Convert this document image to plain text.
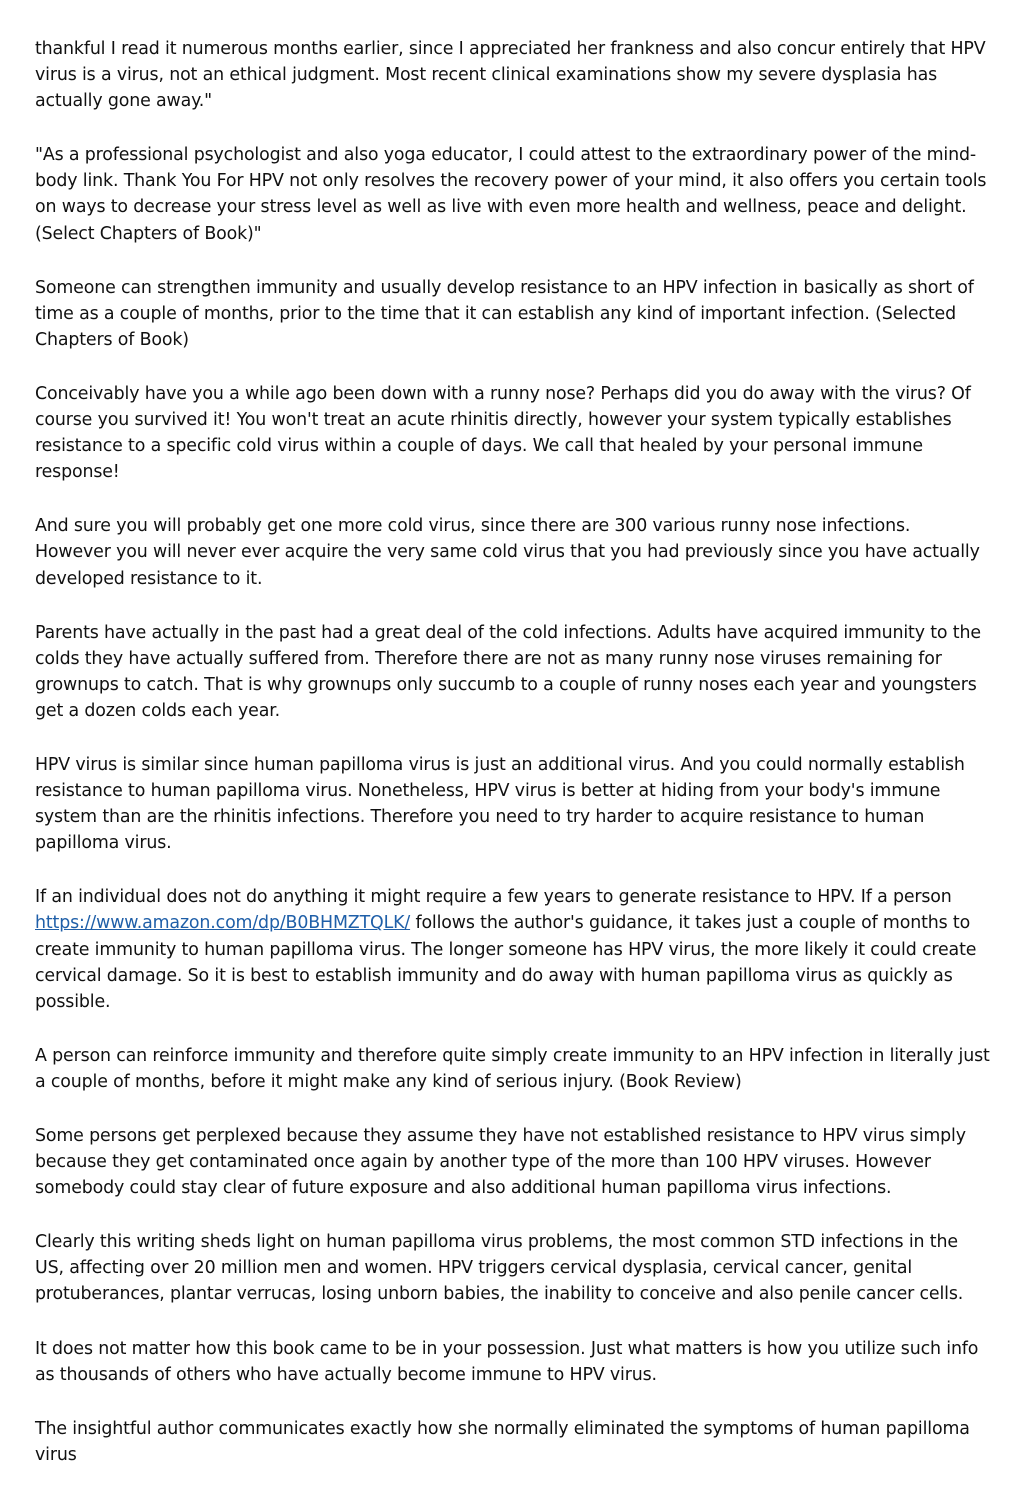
thankful I read it numerous months earlier, since I appreciated her frankness and also concur entirely that HPV virus is a virus, not an ethical judgment. Most recent clinical examinations show my severe dysplasia has actually gone away."

"As a professional psychologist and also yoga educator, I could attest to the extraordinary power of the mind-body link. Thank You For HPV not only resolves the recovery power of your mind, it also offers you certain tools on ways to decrease your stress level as well as live with even more health and wellness, peace and delight. (Select Chapters of Book)"

Someone can strengthen immunity and usually develop resistance to an HPV infection in basically as short of time as a couple of months, prior to the time that it can establish any kind of important infection. (Selected Chapters of Book)

Conceivably have you a while ago been down with a runny nose? Perhaps did you do away with the virus? Of course you survived it! You won't treat an acute rhinitis directly, however your system typically establishes resistance to a specific cold virus within a couple of days. We call that healed by your personal immune response!

And sure you will probably get one more cold virus, since there are 300 various runny nose infections. However you will never ever acquire the very same cold virus that you had previously since you have actually developed resistance to it.

Parents have actually in the past had a great deal of the cold infections. Adults have acquired immunity to the colds they have actually suffered from. Therefore there are not as many runny nose viruses remaining for grownups to catch. That is why grownups only succumb to a couple of runny noses each year and youngsters get a dozen colds each year.

HPV virus is similar since human papilloma virus is just an additional virus. And you could normally establish resistance to human papilloma virus. Nonetheless, HPV virus is better at hiding from your body's immune system than are the rhinitis infections. Therefore you need to try harder to acquire resistance to human papilloma virus.

If an individual does not do anything it might require a few years to generate resistance to HPV. If a person https://www.amazon.com/dp/B0BHMZTQLK/ follows the author's guidance, it takes just a couple of months to create immunity to human papilloma virus. The longer someone has HPV virus, the more likely it could create cervical damage. So it is best to establish immunity and do away with human papilloma virus as quickly as possible.

A person can reinforce immunity and therefore quite simply create immunity to an HPV infection in literally just a couple of months, before it might make any kind of serious injury. (Book Review)

Some persons get perplexed because they assume they have not established resistance to HPV virus simply because they get contaminated once again by another type of the more than 100 HPV viruses. However somebody could stay clear of future exposure and also additional human papilloma virus infections.

Clearly this writing sheds light on human papilloma virus problems, the most common STD infections in the US, affecting over 20 million men and women. HPV triggers cervical dysplasia, cervical cancer, genital protuberances, plantar verrucas, losing unborn babies, the inability to conceive and also penile cancer cells.

It does not matter how this book came to be in your possession. Just what matters is how you utilize such info as thousands of others who have actually become immune to HPV virus.

The insightful author communicates exactly how she normally eliminated the symptoms of human papilloma virus
